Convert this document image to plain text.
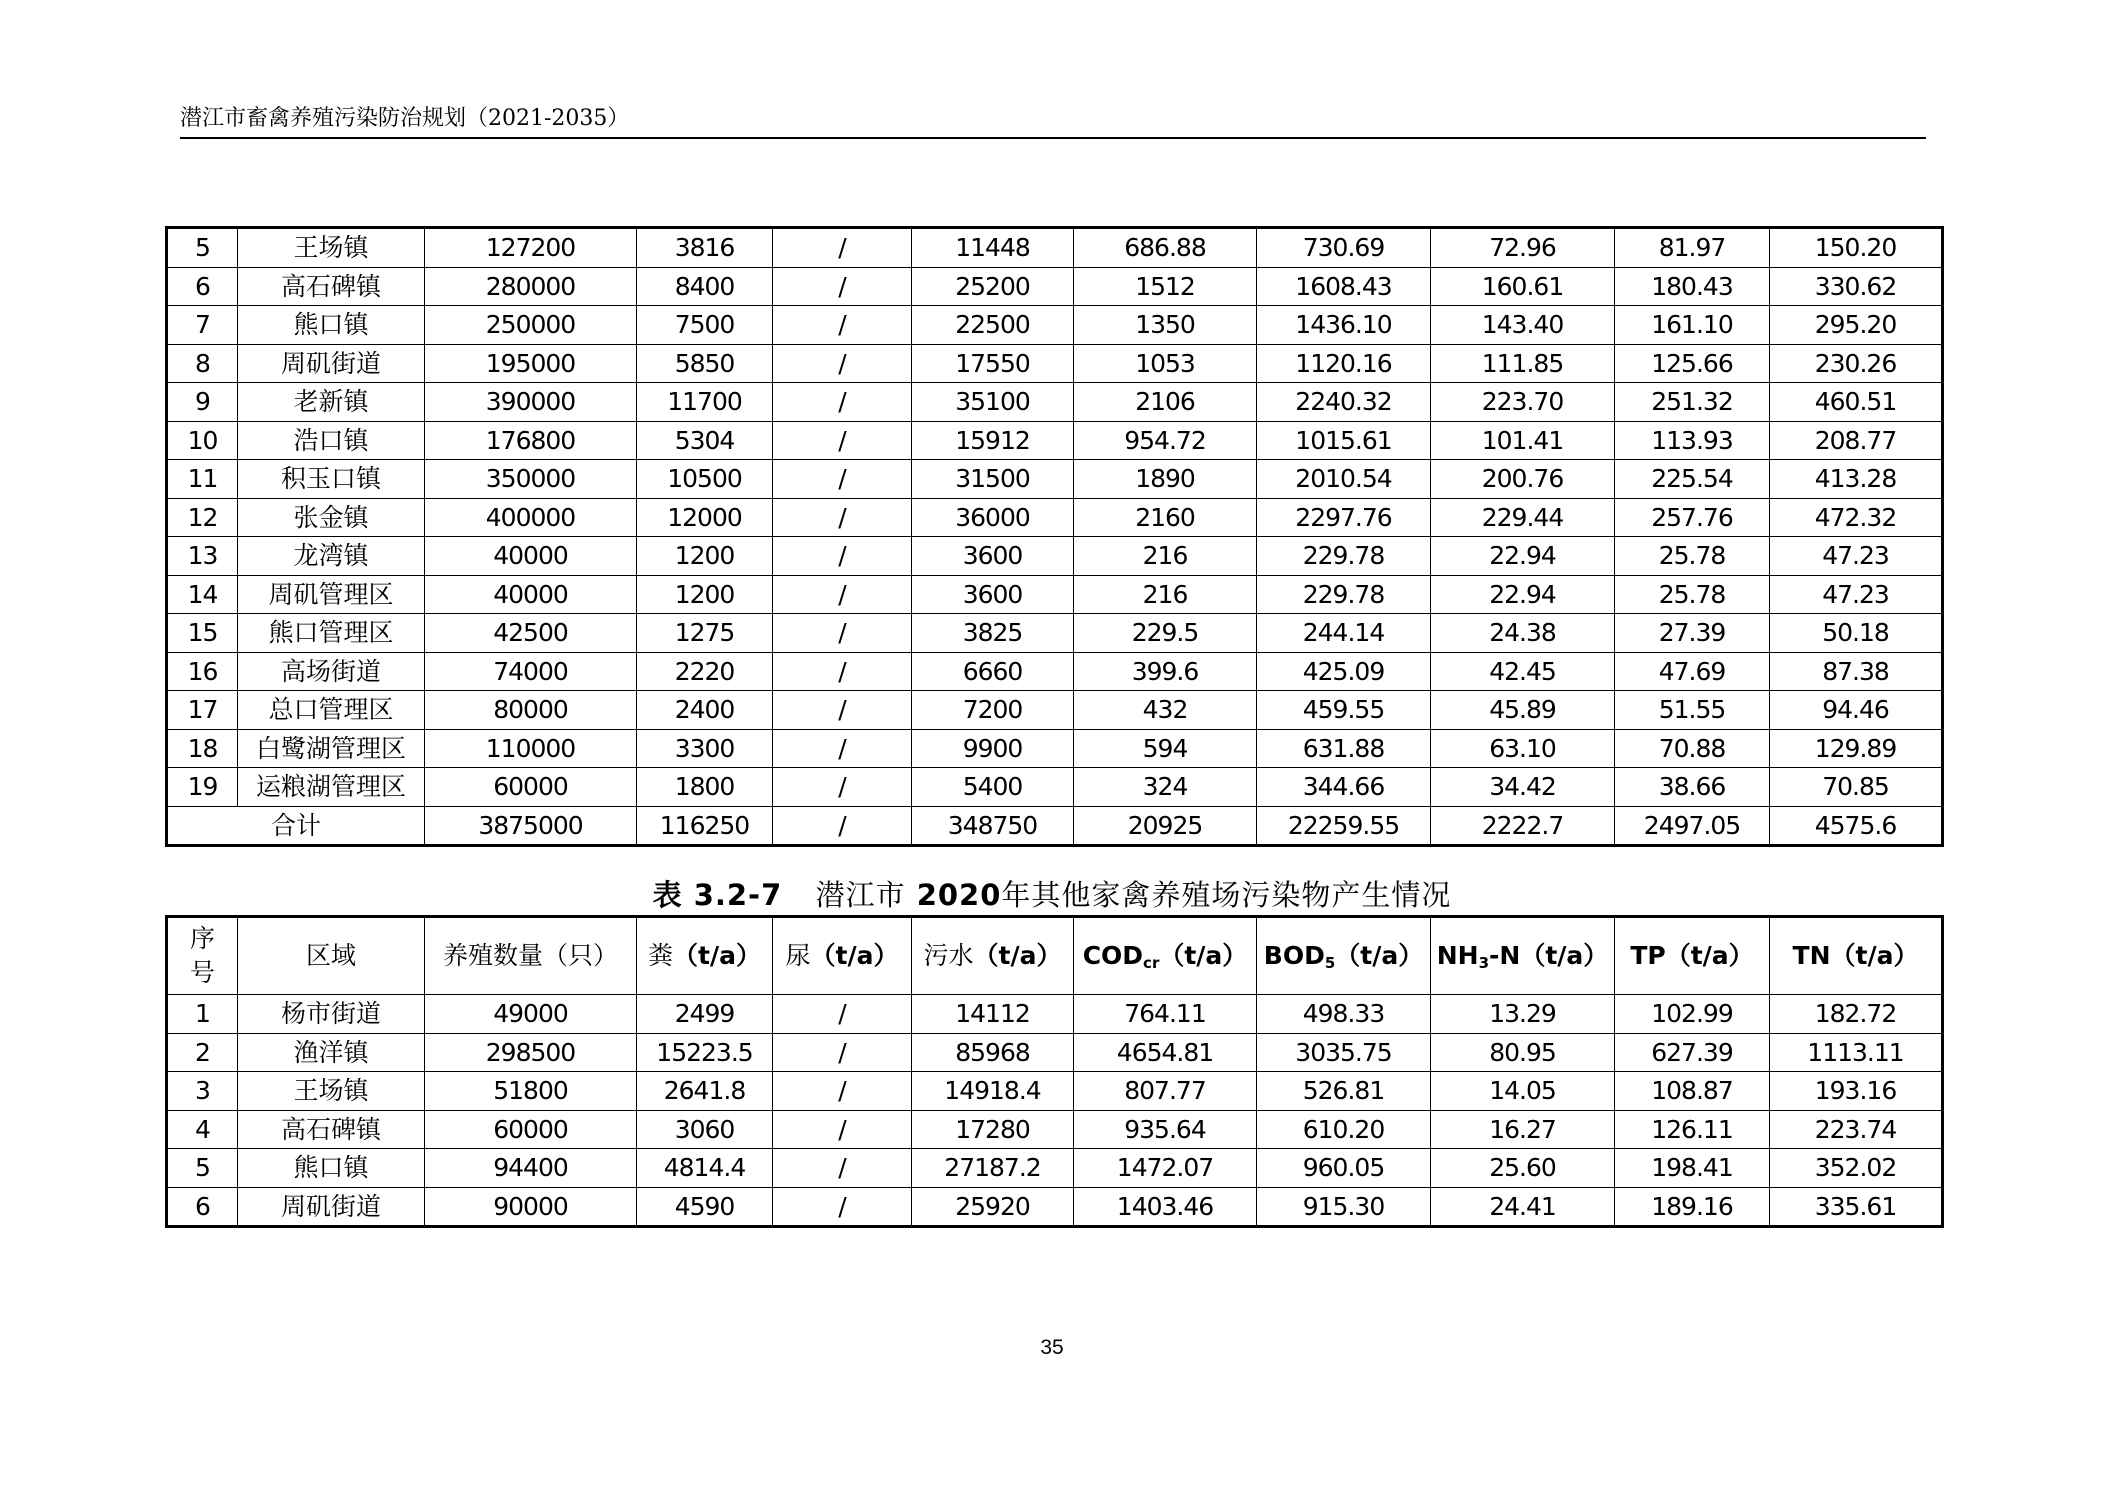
潜江市畜禽养殖污染防治规划（2021-2035）
5	王场镇	127200	3816	/	11448	686.88	730.69	72.96	81.97	150.20
6	高石碑镇	280000	8400	/	25200	1512	1608.43	160.61	180.43	330.62
7	熊口镇	250000	7500	/	22500	1350	1436.10	143.40	161.10	295.20
8	周矶街道	195000	5850	/	17550	1053	1120.16	111.85	125.66	230.26
9	老新镇	390000	11700	/	35100	2106	2240.32	223.70	251.32	460.51
10	浩口镇	176800	5304	/	15912	954.72	1015.61	101.41	113.93	208.77
11	积玉口镇	350000	10500	/	31500	1890	2010.54	200.76	225.54	413.28
12	张金镇	400000	12000	/	36000	2160	2297.76	229.44	257.76	472.32
13	龙湾镇	40000	1200	/	3600	216	229.78	22.94	25.78	47.23
14	周矶管理区	40000	1200	/	3600	216	229.78	22.94	25.78	47.23
15	熊口管理区	42500	1275	/	3825	229.5	244.14	24.38	27.39	50.18
16	高场街道	74000	2220	/	6660	399.6	425.09	42.45	47.69	87.38
17	总口管理区	80000	2400	/	7200	432	459.55	45.89	51.55	94.46
18	白鹭湖管理区	110000	3300	/	9900	594	631.88	63.10	70.88	129.89
19	运粮湖管理区	60000	1800	/	5400	324	344.66	34.42	38.66	70.85
合计		3875000	116250	/	348750	20925	22259.55	2222.7	2497.05	4575.6
表 3.2-7 潜江市 2020年其他家禽养殖场污染物产生情况
序
号	区域	养殖数量（只）	粪（t/a）	尿（t/a）	污水（t/a）	$COD_{cr}(t/a)$	$BOD_5(t/a)$	$NH_3-N(t/a)$	TP（t/a）	TN（t/a）
1	杨市街道	49000	2499	/	14112	764.11	498.33	13.29	102.99	182.72
2	渔洋镇	298500	15223.5	/	85968	4654.81	3035.75	80.95	627.39	1113.11
3	王场镇	51800	2641.8	/	14918.4	807.77	526.81	14.05	108.87	193.16
4	高石碑镇	60000	3060	/	17280	935.64	610.20	16.27	126.11	223.74
5	熊口镇	94400	4814.4	/	27187.2	1472.07	960.05	25.60	198.41	352.02
6	周矶街道	90000	4590	/	25920	1403.46	915.30	24.41	189.16	335.61
35
